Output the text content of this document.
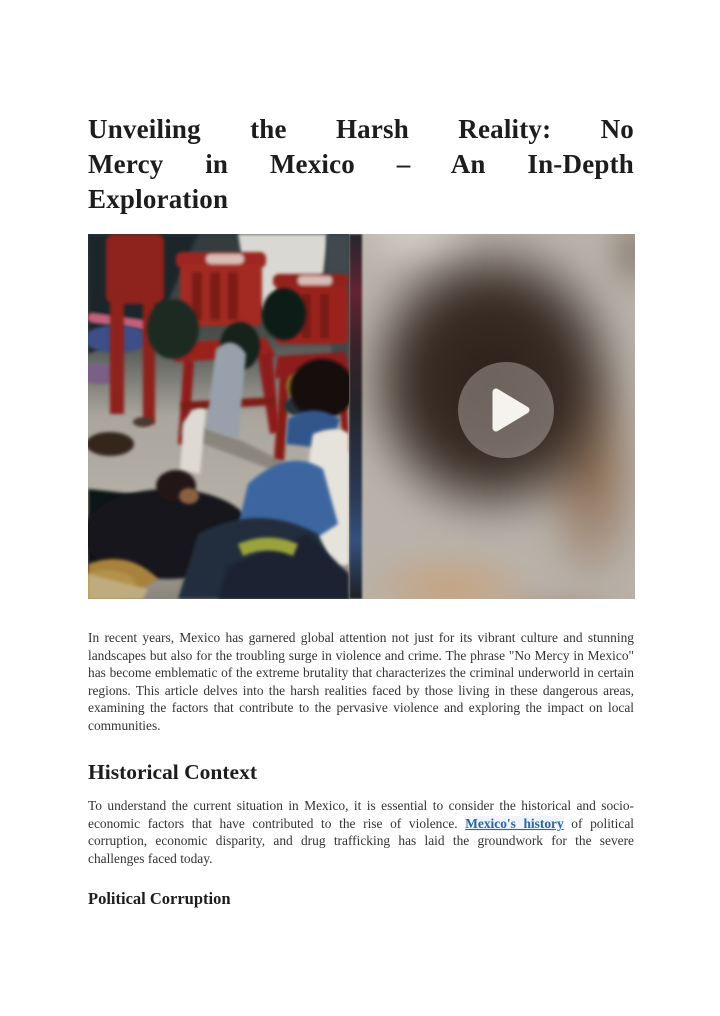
Unveiling the Harsh Reality: No
Mercy in Mexico – An In-Depth
Exploration

In recent years, Mexico has garnered global attention not just for its vibrant culture and stunning landscapes but also for the troubling surge in violence and crime. The phrase "No Mercy in Mexico" has become emblematic of the extreme brutality that characterizes the criminal underworld in certain regions. This article delves into the harsh realities faced by those living in these dangerous areas, examining the factors that contribute to the pervasive violence and exploring the impact on local communities.

Historical Context

To understand the current situation in Mexico, it is essential to consider the historical and socio-economic factors that have contributed to the rise of violence. Mexico's history of political corruption, economic disparity, and drug trafficking has laid the groundwork for the severe challenges faced today.

Political Corruption
